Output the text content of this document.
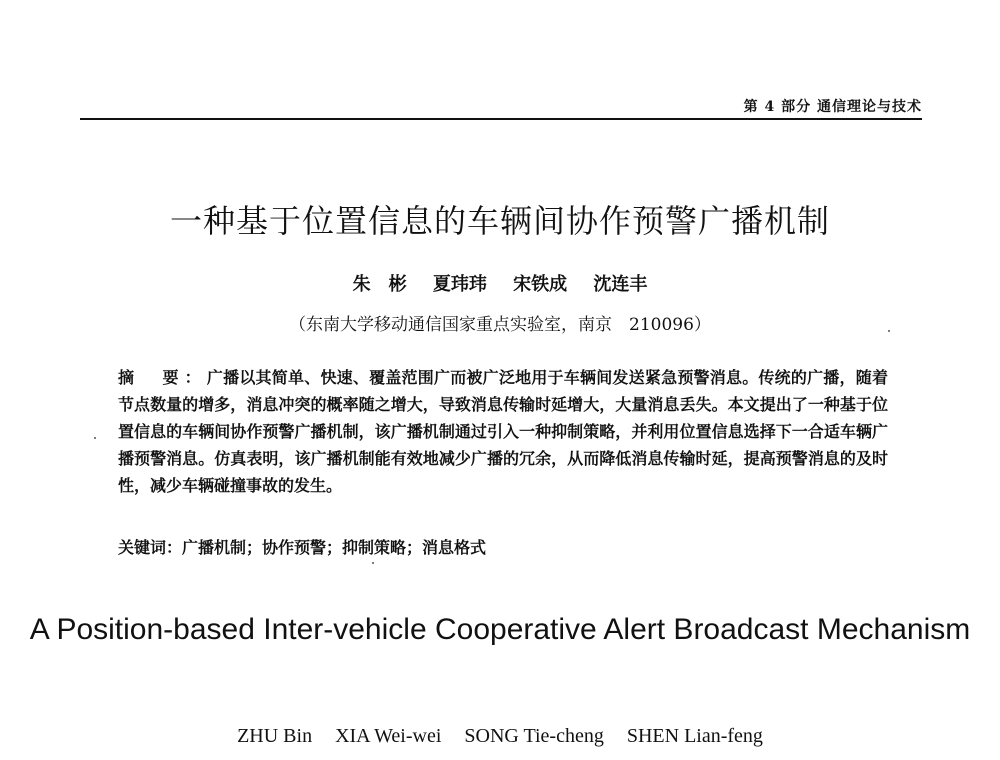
第 4 部分 通信理论与技术
一种基于位置信息的车辆间协作预警广播机制
朱　彬 夏玮玮 宋铁成 沈连丰
（东南大学移动通信国家重点实验室，南京　210096）
摘　要：广播以其简单、快速、覆盖范围广而被广泛地用于车辆间发送紧急预警消息。传统的广播，随着节点数量的增多，消息冲突的概率随之增大，导致消息传输时延增大，大量消息丢失。本文提出了一种基于位置信息的车辆间协作预警广播机制，该广播机制通过引入一种抑制策略，并利用位置信息选择下一合适车辆广播预警消息。仿真表明，该广播机制能有效地减少广播的冗余，从而降低消息传输时延，提高预警消息的及时性，减少车辆碰撞事故的发生。
关键词：广播机制；协作预警；抑制策略；消息格式
A Position-based Inter-vehicle Cooperative Alert Broadcast Mechanism
ZHU Bin XIA Wei-wei SONG Tie-cheng SHEN Lian-feng
